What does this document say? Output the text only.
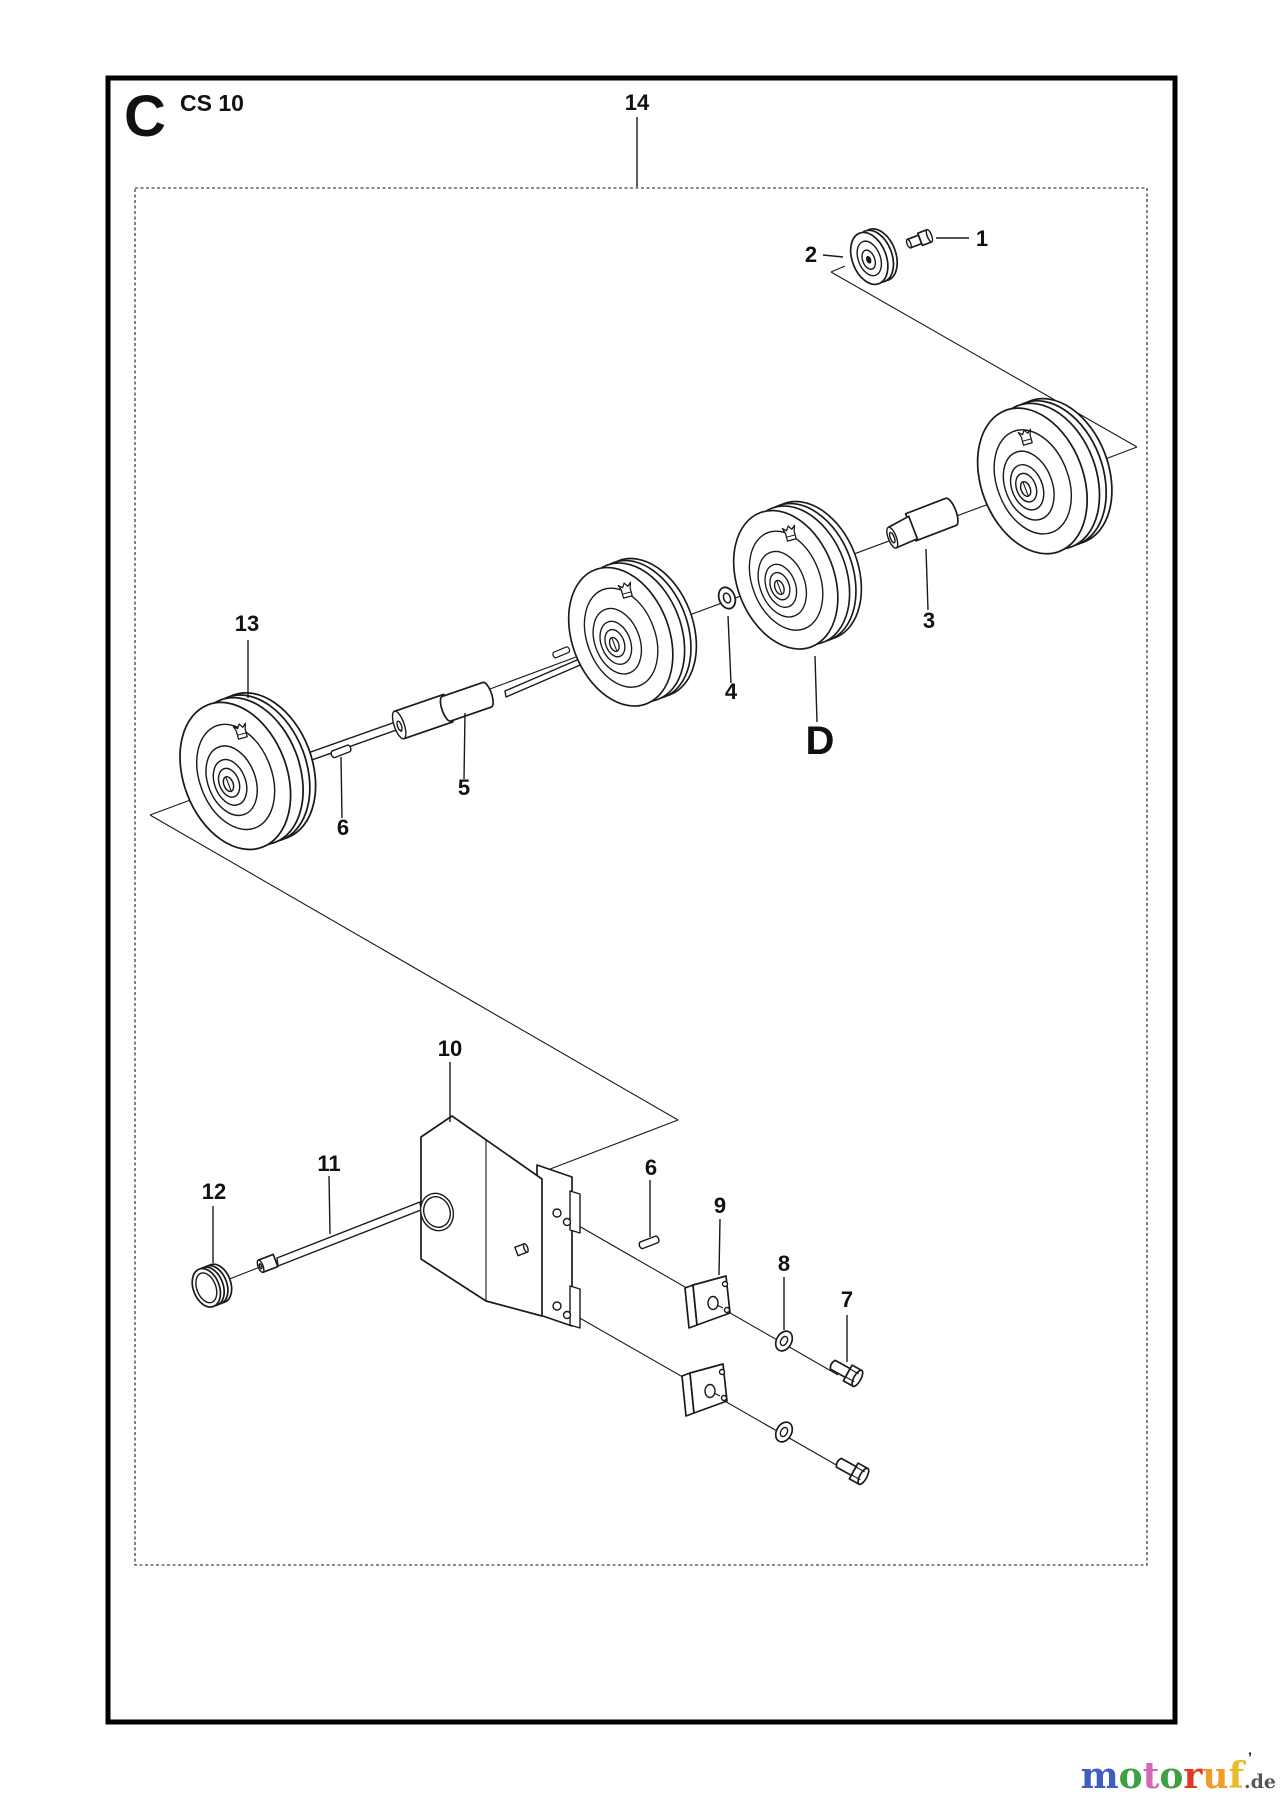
14
1
2
13
5
6
4
3
D
10
11
12
6
9
8
7
C CS 10
motoruf.de
’
